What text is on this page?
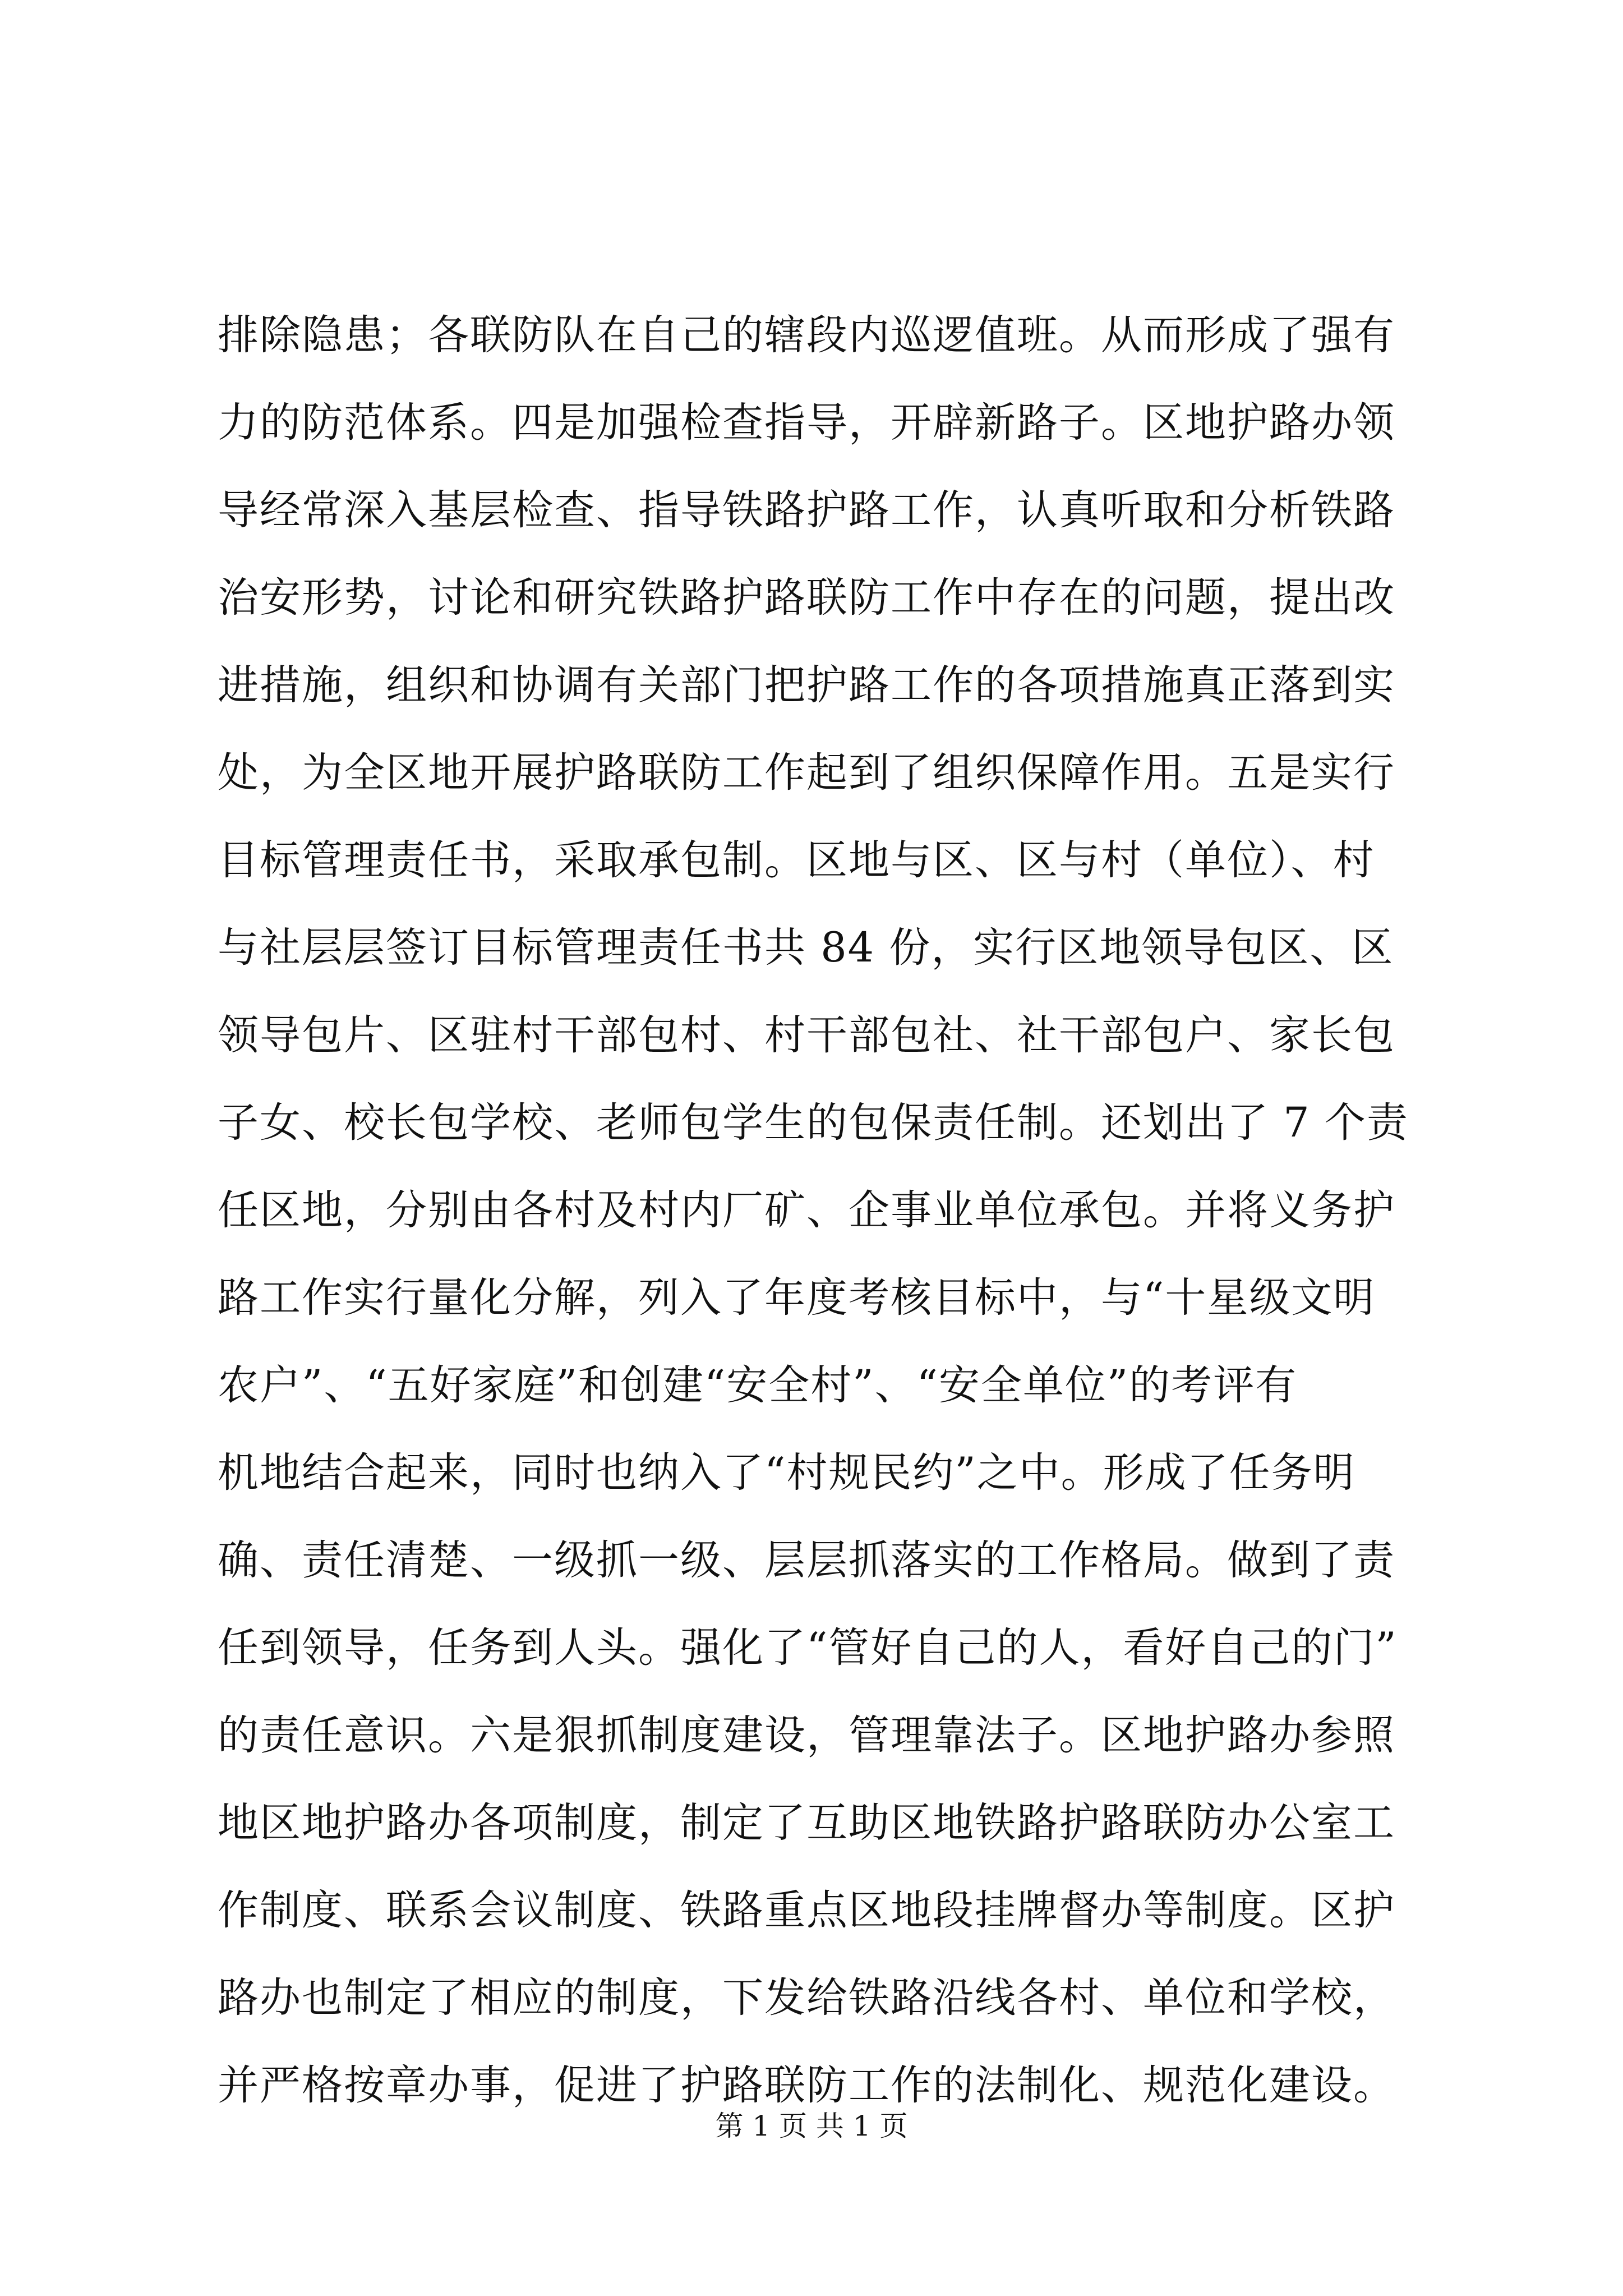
排除隐患；各联防队在自己的辖段内巡逻值班。从而形成了强有
力的防范体系。四是加强检查指导，开辟新路子。区地护路办领
导经常深入基层检查、指导铁路护路工作，认真听取和分析铁路
治安形势，讨论和研究铁路护路联防工作中存在的问题，提出改
进措施，组织和协调有关部门把护路工作的各项措施真正落到实
处，为全区地开展护路联防工作起到了组织保障作用。五是实行
目标管理责任书，采取承包制。区地与区、区与村（单位）、村
与社层层签订目标管理责任书共 84 份，实行区地领导包区、区
领导包片、区驻村干部包村、村干部包社、社干部包户、家长包
子女、校长包学校、老师包学生的包保责任制。还划出了 7 个责
任区地，分别由各村及村内厂矿、企事业单位承包。并将义务护
路工作实行量化分解，列入了年度考核目标中，与“十星级文明
农户”、“五好家庭”和创建“安全村”、“安全单位”的考评有
机地结合起来，同时也纳入了“村规民约”之中。形成了任务明
确、责任清楚、一级抓一级、层层抓落实的工作格局。做到了责
任到领导，任务到人头。强化了“管好自己的人，看好自己的门”
的责任意识。六是狠抓制度建设，管理靠法子。区地护路办参照
地区地护路办各项制度，制定了互助区地铁路护路联防办公室工
作制度、联系会议制度、铁路重点区地段挂牌督办等制度。区护
路办也制定了相应的制度，下发给铁路沿线各村、单位和学校，
并严格按章办事，促进了护路联防工作的法制化、规范化建设。
第 1 页 共 1 页
